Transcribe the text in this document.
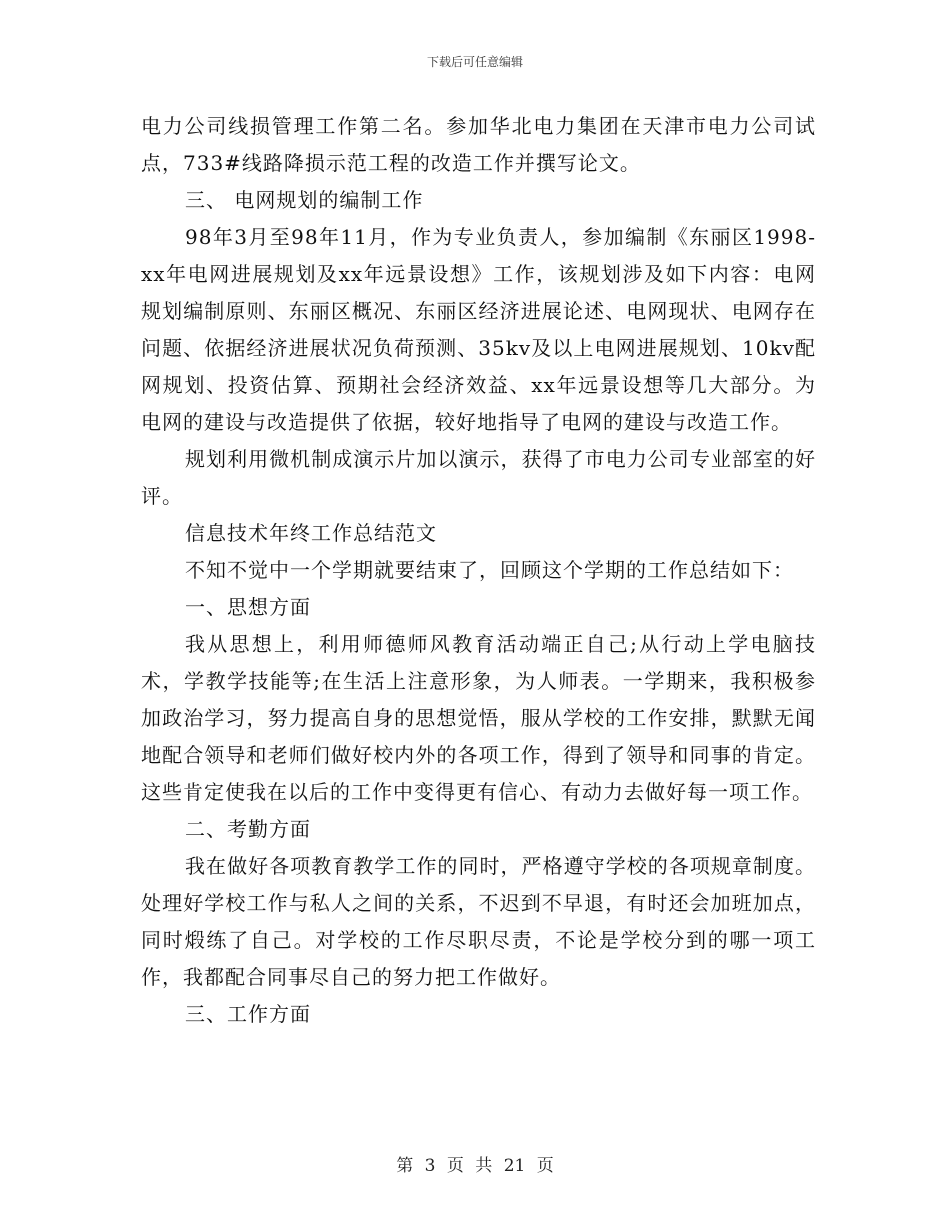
下载后可任意编辑

电力公司线损管理工作第二名。参加华北电力集团在天津市电力公司试点，733#线路降损示范工程的改造工作并撰写论文。

三、 电网规划的编制工作

98年3月至98年11月，作为专业负责人，参加编制《东丽区1998-xx年电网进展规划及xx年远景设想》工作，该规划涉及如下内容：电网规划编制原则、东丽区概况、东丽区经济进展论述、电网现状、电网存在问题、依据经济进展状况负荷预测、35kv及以上电网进展规划、10kv配网规划、投资估算、预期社会经济效益、xx年远景设想等几大部分。为电网的建设与改造提供了依据，较好地指导了电网的建设与改造工作。

规划利用微机制成演示片加以演示，获得了市电力公司专业部室的好评。

信息技术年终工作总结范文

不知不觉中一个学期就要结束了，回顾这个学期的工作总结如下：

一、思想方面

我从思想上，利用师德师风教育活动端正自己;从行动上学电脑技术，学教学技能等;在生活上注意形象，为人师表。一学期来，我积极参加政治学习，努力提高自身的思想觉悟，服从学校的工作安排，默默无闻地配合领导和老师们做好校内外的各项工作，得到了领导和同事的肯定。这些肯定使我在以后的工作中变得更有信心、有动力去做好每一项工作。

二、考勤方面

我在做好各项教育教学工作的同时，严格遵守学校的各项规章制度。处理好学校工作与私人之间的关系，不迟到不早退，有时还会加班加点，同时煅练了自己。对学校的工作尽职尽责，不论是学校分到的哪一项工作，我都配合同事尽自己的努力把工作做好。

三、工作方面

第 3 页 共 21 页
